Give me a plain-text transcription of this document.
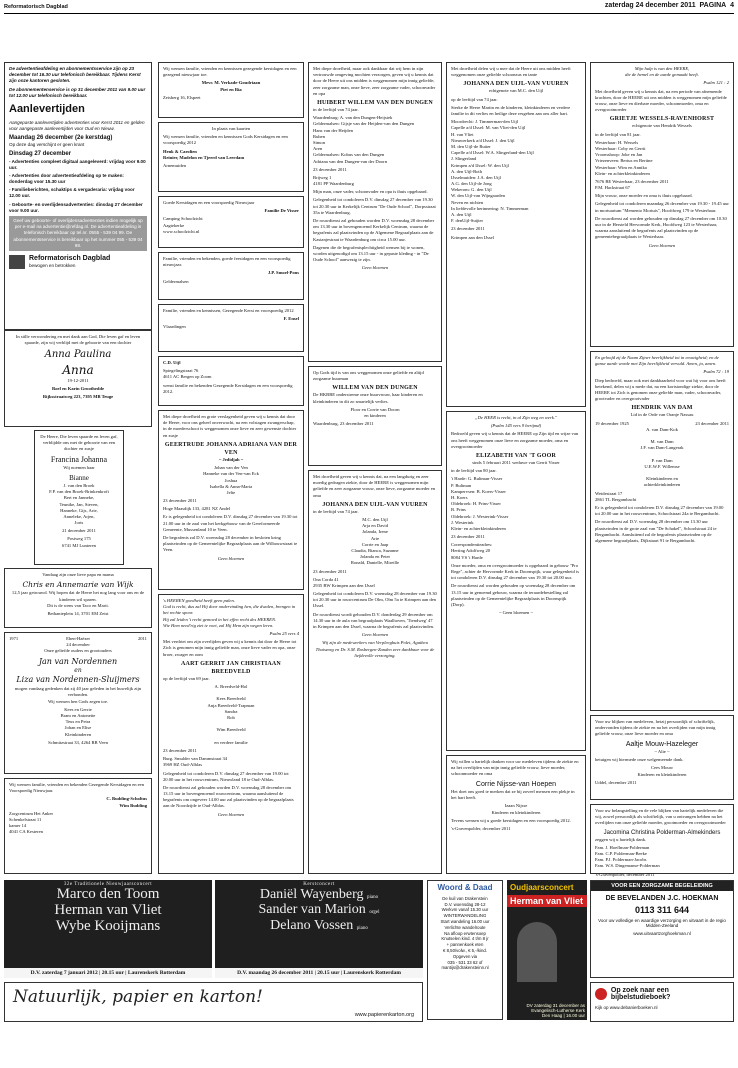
Reformatorisch Dagblad	zaterdag 24 december 2011 PAGINA 4

De advertentieafdeling en abonnementsservice zijn op 23 december tot 16.30 uur telefonisch bereikbaar. Tijdens Kerst zijn onze kantoren gesloten.

De abonnementenservice is op 31 december 2011 van 9.00 uur tot 12.00 uur telefonisch bereikbaar.

Aanlevertijden

Aangepaste aanlevertijden advertenties voor Kerst 2011 en gelden voor aangepaste aanlevertijden voor Oud en Nieuw.

Maandag 26 december (2e kerstdag)

Op deze dag verschijnt er geen krant

Dinsdag 27 december

- Advertenties compleet digitaal aangeleverd: vrijdag voor 9.00 uur.

- Advertenties door advertentieafdeling op te maken: donderdag voor 15.30 uur

- Familieberichten, schaktips & vergaderaria: vrijdag voor 12.00 uur.

- Geboorte- en overlijdensadvertenties: dinsdag 27 december voor 9.00 uur.

Geef uw geboorte- of overlijdensadvertenties indien mogelijk op per e-mail na advertentie@refdag.nl. De advertentieafdeling is telefonisch bereikbaar op tel.nr. 0555 - 539 04 99. De abonnementsservice is bereikbaar op het nummer 055 - 539 04 98.
Reformatorisch Dagblad
bewogen en betrokken

In stille verwondering en met dank aan God, Die leven gaf en leven spaarde, zijn wij verblijd met de geboorte van een dochter

Anna Paulina
Anna

19-12-2011

Roel en Karin Groothedde

Rijksstraatweg 223, 7395 MB Teuge

De Heere, Die leven spaarde en leven gaf, verblijdde ons met de geboorte van een dochter en zusje

Francina Johanna

Wij noemen haar

Bianne

J. van den Broek
F.P. van den Broek-Brinkenkroft
Bert en Janneke,
Teunike, Jan, Steven,
Hanneke, Gijs, Arie,
Anneleke, Arjen,
Joris

21 december 2011

Postweg 175
6741 MJ Lunteren

Vandaag zijn onze lieve papa en mama

Chris en Annemarie van Wijk

12,5 jaar getrouwd. Wij hopen dat de Heere het nog lang voor ons en de kinderen wil sparen.
Dit is de wens van Taco en Marit.

Bethanieplein 14, 3701 EM Zeist

1971	Eben-Haëzer
24 december
2011

Onze geliefde ouders en grootouders

Jan van Nordennen
en
Liza van Nordennen-Sluijmers

mogen vandaag gedenken dat zij 40 jaar geleden in het huwelijk zijn verbonden.
Wij wensen hen Gods zegen toe.

Kees en Gerrie
Bram en Antonette
Teus en Petra
Johan en Elise
Kleinkinderen

Schmitzstraat 33, 4264 RB Veen

Wij wensen familie, vrienden en bekenden Gezegende Kerstdagen en een Voorspoedig Nieuwjaar.

C. Budding-Scholtus
Wim Budding

Zorgcentrum Het Anker
Schenkelstraat 11
kamer 14
4041 CA Kesteren

Wij wensen familie, vrienden en kennissen gezegende kerstdagen en een gezegend nieuwjaar toe.

Mevr. M. Verkade-Goudriaan
Piet en Ria

Zeisberg 16, Elspeet

In plaats van kaarten

Wij wensen familie, vrienden en kennissen Gods Kerstdagen en een voorspoedig 2012

Henk & Carolien
Reinier, Madelon en Tjeerd van Leerdam

Arnemuiden

Goede Kerstdagen en een voorspoedig Nieuwjaar

Familie De Visser

Camping Schoolzicht
Aagtekerke
www.schoolzicht.nl

Familie, vrienden en bekenden, goede feestdagen en een voorspoedig nieuwjaar.

J.P. Smoel-Pons

Geldermalsen

Familie, vrienden en kennissen, Gezegende Kerst en voorspoedig 2012

F. Ensel

Vlaardingen

C.D. Uijl

Spiegelingstraat 76
4611 AC Bergen op Zoom

wenst familie en bekenden Gezegende Kerstdagen en een voorspoedig 2012.

Met diepe droefheid en grote verslagenheid geven wij u kennis dat door de Heere, voor ons geheel onverwacht, na een volstagen zwangerschap, in de moederschoot is weggenomen onze lieve en zeer gewenste dochter en zusje

GEERTRUDE JOHANNA ADRIANA VAN DER VEN

~ Jedidjah ~

Johan van der Ven
Hanneke van der Ven-van Eck
Joshua
Isabella & Anna-Maria
Jelte

23 december 2011

Hoge Maasdijk 133, 4281 NZ Andel

Er is gelegenheid tot condoleren D.V. dinsdag 27 december van 19.30 tot 21.00 uur in de zaal van het kerkgebouw van de Gereformeerde Gemeente, Mussenland 10 te Veen.

De begrafenis zal D.V. woensdag 28 december in besloten kring plaatsvinden op de Gemeentelijke Begraafplaats aan de Wilbouwstraat te Veen.

Geen bloemen

's HEEREN goedheid heeft geen palen.
God is recht, dus zal Hij door ondervinding hen, die dwalen, brengen in het rechte spoor.
Hij zal leiden 't recht gemoed in het effen recht des HEEREN.
Wie Hem need'rig ziet te voet, zal Hij Hem zijn wegen leren.

Psalm 25 vers 4

Met verdriet om zijn overlijden geven wij u kennis dat door de Heere tot Zich is genomen mijn innig geliefde man, onze lieve vader en opa, onze broer, zwager en oom

AART GERRIT JAN CHRISTIAAN BREEDVELD

op de leeftijd van 69 jaar.

A. Breedveld-Hol

Kees Breedveld
Anja Breedveld-Trapman
Sandra
Rob

Wim Breedveld

en verdere familie

23 december 2011

Burg. Smulder van Dammstraat 34
3969 HZ Oud-Alblas

Gelegenheid tot condoleren D.V. dinsdag 27 december van 19.00 tot 20.00 uur in het rouwcentrum, Nieuwland 18 te Oud-Alblas.

De rouwdienst zal gehouden worden D.V. woensdag 28 december om 13.15 uur in bovengenoemd rouwcentrum, waarna aansluitend de begrafenis om ongeveer 14.00 uur zal plaatsvinden op de begraafplaats aan de Noordzijde te Oud-Alblas.

Geen bloemen

Met diepe droefheid, maar ook dankbaar dat wij hem in zijn vertrouwde omgeving mochten verzorgen, geven wij u kennis dat door de Heere uit ons midden is weggenomen mijn innig geliefde, zeer zorgzame man, onze lieve, zeer zorgzame vader, schoonvader en opa

HUIBERT WILLEM VAN DEN DUNGEN

in de leeftijd van 74 jaar.

Waardenburg: A. van den Dungen-Heijstek
Geldermalsen: Gijsje van der Heijden-van den Dungen
Hans van der Heijden
Ruben
Simon
Aren
Geldermalsen: Kobus van den Dungen
Adriana van den Dungen-van der Doorn

23 december 2011

Brijweg 1
4181 PP Waardenburg

Mijn man, onze vader, schoonvader en opa is thuis opgebaard.

Gelegenheid tot condoleren D.V. dinsdag 27 december van 19.30 tot 20.30 uur in Kerkelijk Centrum "De Oude School", Dorpsstraat 35a te Waardenburg.

De rouwdienst zal gehouden worden D.V. woensdag 28 december om 13.30 uur in bovengenoemd Kerkelijk Centrum, waarna de begrafenis zal plaatsvinden op de Algemene Begraafplaats aan de Kastanjestraat te Waardenburg om circa 15.00 uur.

Dagenen die de begrafenisplechtigheid wensen bij te wonen, worden uitgenodigd om 13.15 uur - in gepaste kleding - in "De Oude School" aanwezig te zijn.

Geen bloemen

Op Gods tijd is van ons weggenomen onze geliefde en altijd zorgzame buurman

WILLEM VAN DEN DUNGEN

De HKBBE onderstreme onze buurvrouw, haar kinderen en kleinkinderen in dit zo smartelijk verlies.

Floor en Corrie van Doorn
en kinderen

Waardenburg, 23 december 2011

Met droefheid geven wij u kennis dat, na een langdurig en zeer moedig gedragen ziekte, door de HEERE is weggenomen mijn geliefde en zeer zorgzame vrouw, onze lieve, zorgzame moeder en oma

JOHANNA DEN UIJL-VAN VUUREN

in de leeftijd van 74 jaar.

M.C. den Uijl
Arja en David
Jolanda, Irene
Arie
Corrie en Jaap
Claudia, Bianca, Suzanne
Jolanda en Peter
Ronald, Danielle, Mireille

23 december 2011

Ona Corda 41
2935 BW Krimpen aan den IJssel

Gelegenheid tot condoleren D.V. woensdag 28 december van 19.30 tot 20.30 uur in rouwcentrum De Olm, Olm 5a te Krimpen aan den IJssel.

De rouwdienst wordt gehouden D.V. donderdag 29 december om 14.30 uur in de aula van begraafplaats Waalhoven, 'Tiendweg' 47 in Krimpen aan den IJssel, waarna de begrafenis zal plaatsvinden.

Geen bloemen

Wij zijn de medewerkers van Verpleeghuis Polet, Agatheu Thuiszorg en Dr. S.M. Rosbergen-Zanden zeer dankbaar voor de liefdevolle verzorging.

Met droefheid delen wij u mee dat de Heere uit ons midden heeft weggenomen onze geliefde schoonzus en tante

JOHANNA DEN UIJL-VAN VUUREN

echtgenote van M.C. den Uijl

op de leeftijd van 74 jaar.

Sterke de Heere Martin en de kinderen, kleinkinderen en verdere familie in dit verlies en heilige deze resgeben aan ons aller hart.

Moordrecht: J. Timmerman-den Uijl
Capelle a/d IJssel: M. van Vliet-den Uijl
H. van Vliet
Nieuwerkerk a/d IJssel: J. den Uijl
M. den Uijl-de Ruiter
Capelle a/d IJssel: W.A. Slingerland-den Uijl
J. Slingerland
Krimpen a/d IJssel: W. den Uijl
A. den Uijl-Both
IJsselmuiden: J.A. den Uijl
A.G. den Uijl-de Jong
Wekerom: G. den Uijl
W. den Uijl-van Wijngaarden
Neven en nichten
In liefdevolle herinnering: N. Timmerman
A. den Uijl
F. denUijl-Sutjter

23 december 2011

Krimpen aan den IJssel

„De HEER is recht, in al Zijn weg en werk."

(Psalm 145 vers 9 berijmd)

Bedroefd geven wij u kennis dat de HEERE op Zijn tijd en wijze van ons heeft weggenomen onze lieve en zorgzame moeder, oma en overgrootmoeder

ELIZABETH VAN 'T GOOR

sinds 5 februari 2011 weduwe van Gerrit Visser

in de leeftijd van 80 jaar.

't Harde: G. Bultman-Visser
P. Bultman
Kampervsen: B. Koers-Visser
H. Koers
Oldebroek: H. Prins-Visser
B. Prins
Oldebroek: J. Westerink-Visser
J. Westerink
Klein- en achterkleinkinderen

23 december 2011

Correspondentieadres:
Herting Adolfweg 20
8084 VS 't Harde

Onze moeder, oma en overgrootmoeder is opgebaard in gebouw "Pro Rege", achter de Hervormde Kerk in Doornspijk, waar gelegenheid is tot condoleren D.V. dinsdag 27 december van 19.30 tot 20.00 uur.

De rouwdienst zal worden gehouden op woensdag 28 december om 13.15 uur in genoemd gebouw, waarna de teraardebestelling zal plaatsvinden op de Gemeentelijke Begraafplaats in Doornspijk (Dorp).

~ Geen bloemen ~

Wij willen u hartelijk danken voor uw medeleven tijdens de ziekte en na het overlijden van mijn innig geliefde vrouw, lieve moeder, schoonmoeder en oma

Corrie Nijsse-van Hoepen

Het doet ons goed te merken dat ze bij zoveel mensen een plekje in het hart heeft.

Izaan Nijsse
Kinderen en kleinkinderen

Tevens wensen wij u goede kerstdagen en een voorspoedig 2012.

's-Gravenpolder, december 2011

Mijn hulp is van den HEERE,
die de hemel en de aarde gemaakt heeft.

Psalm 121 : 2

Met droefheid geven wij u kennis dat, na een periode van afnemende krachten, door de HEERE uit ons midden is weggenomen mijn geliefde vrouw, onze lieve en dierbare moeder, schoonmoeder, oma en overgrootmoeder

GRIETJE WESSELS-RAVENHORST

echtgenote van Hendrik Wessels

in de leeftijd van 81 jaar.

Westerhaar: H. Wessels
Westerhaar: Coby en Gerrit
Vroomshoop: Joke en Jan
Vriezenveen: Bertus en Bertine
Westerhaar: Wim en Annika
Klein- en achterkleinkinderen

7676 BE Westerhaar, 23 december 2011
P.M. Hackstraat 67

Mijn vrouw, onze moeder en oma is thuis opgebaard.

Gelegenheid tot condoleren maandag 26 december van 19.30 - 19.45 uur in mortuarium "Memento Mortuis", Hoofdweg 179 te Westerhaar.

De rouwdienst zal worden gehouden op dinsdag 27 december om 10.30 uur in de Hersteld Hervormde Kerk, Hoofdweg 123 te Westerhaar, waarna aansluitend de begrafenis zal plaatsvinden op de gemeentebegraafplaats te Westerhaar.

Geen bloemen

En geloofd zij de Naam Zijner heerlijkheid tot in eeuwigheid; en de ganse aarde worde met Zijn heerlijkheid vervuld. Amen, ja, amen.

Psalm 72 : 19

Diep bedroefd, maar ook met dankbaarheid voor wat hij voor ons heeft betekend, delen wij u mede dat, na een kortstondige ziekte, door de HEERE tot Zich is genomen onze geliefde man, vader, schoonvader, grootvader en overgrootvader

HENDRIK VAN DAM

Lid in de Orde van Oranje Nassau

19 december 1925	23 december 2011

A. van Dam-Kok

M. van Dam
J.F. van Dam-Langerak

P. van Dam
U.E.W.F. Willemse

Kleinkinderen en
achterkleinkinderen

Weidestraat 17
2861 TL Bergambacht

Er is gelegenheid tot condoleren D.V. dinsdag 27 december van 19.00 tot 20.00 uur in het rouwcentrum, Schoolstraat 24a te Bergambacht.

De rouwdienst zal D.V. woensdag 28 december om 13.30 uur plaatsvinden in de grote zaal van "De Schakel", Schoolstraat 24 te Bergambacht. Aansluitend zal de begrafenis plaatsvinden op de algemene begraafplaats, Dijkstaart 91 te Bergambacht.

Voor uw blijken van medeleven, hetzij persoonlijk of schriftelijk, ondervonden tijdens de ziekte en na het overlijden van mijn innig geliefde vrouw, onze lieve moeder en oma

Aaltje Mouw-Hazeleger

~ Alie ~

betuigen wij hiermede onze welgemeende dank.

Cees Mouw
Kinderen en kleinkinderen

Uddel, december 2011

Voor uw belangstelling en de vele blijken van hartelijk medeleven die wij, zowel persoonlijk als schriftelijk, van u ontvangen hebben na het overlijden van onze geliefde moeder, grootmoeder en overgrootmoeder

Jacomina Christina Polderman-Almekinders

zeggen wij u hartelijk dank.

Fam. J. Hoeflman-Polderman
Fam. C.P. Polderman-Beeke
Fam. P.J. Polderman-Jacobs
Fam. W.S. Dingemanse-Polderman

's-Gravenpolder, december 2011

32e Traditionele Nieuwjaarsconcert
Marco den Toom
Herman van Vliet
Wybe Kooijmans
D.V. zaterdag 7 januari 2012 | 20.15 uur | Laurenskerk Rotterdam
Kerstconcert
Daniël Wayenberg piano
Sander van Marion orgel
Delano Vossen piano
D.V. maandag 26 december 2011 | 20.15 uur | Laurenskerk Rotterdam
Woord & Daad
De kuil van Drakenstein
D.V. woensdag 28-12
Werkvm vanaf 15.30 uur
WINTERWANDELING
Start wandeling 16.00 uur
Verlichte wandelroute
Na afloop erwtensoep
Knutselen kind. 4 t/m 8 jr
+ pannenkoek eten
€ 8,50/volw., € 5,-/kind.
Opgeven via
035 - 531 33 62 of
mantijs@drakensteinn.nl
Oudjaarsconcert
Herman van Vliet
DV zaterdag 31 december as
Evangelisch-Lutherse Kerk
Den Haag | 16.00 uur
VOOR EEN ZORGZAME BEGELEIDING
DE BEVELANDEN J.C. HOEKMAN
0113 311 644
Voor uw volledige en waardige verzorging en uitvaart in de regio Midden-Zeeland
www.uitvaartzorghoekman.nl
Natuurlijk, papier en karton!
www.papierenkarton.org
Op zoek naar een bijbelstudieboek?
Kijk op www.debanierboeken.nl
